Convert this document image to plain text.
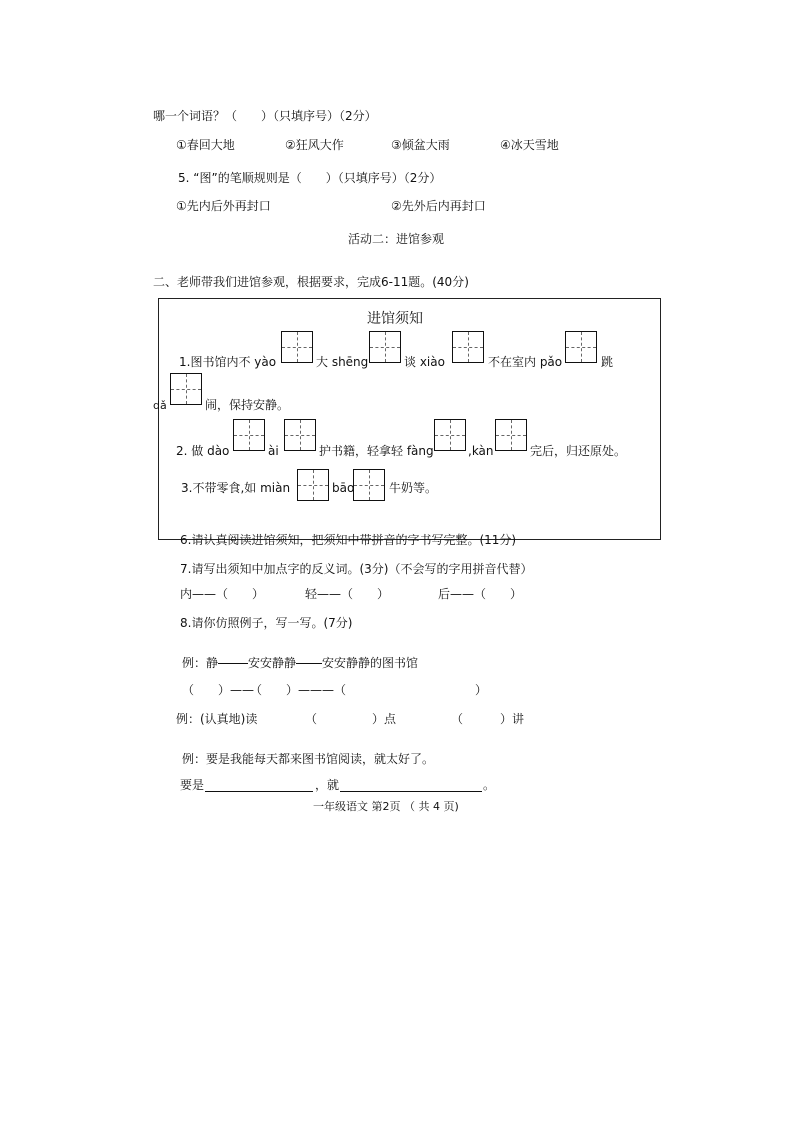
哪一个词语？（　　）（只填序号）（2分）
①春回大地	②狂风大作	③倾盆大雨	④冰天雪地
5. “图”的笔顺规则是（　　）（只填序号）（2分）
①先内后外再封口	②先外后内再封口
活动二：进馆参观
二、老师带我们进馆参观，根据要求，完成6-11题。(40分)
进馆须知
1.图书馆内不 yào	大 shēng	谈 xiào	不在室内 pǎo	跳
dǎ	闹，保持安静。
2. 做 dào	ài	护书籍，轻拿轻 fàng	,kàn	完后，归还原处。
3.不带零食,如 miàn	bāo	牛奶等。
6.请认真阅读进馆须知，把须知中带拼音的字书写完整。(11分)
7.请写出须知中加点字的反义词。(3分)（不会写的字用拼音代替）
内——（　　）	轻——（　　）	后——（　　）
8.请你仿照例子，写一写。(7分)
例：静 安安静静 安安静静的图书馆
（　　）——
（　　）———（	）
例：(认真地)读	（	）点	（	）讲
例：要是我能每天都来图书馆阅读，就太好了。
要是	，就	。
一年级语文 第2页 （ 共 4 页)
